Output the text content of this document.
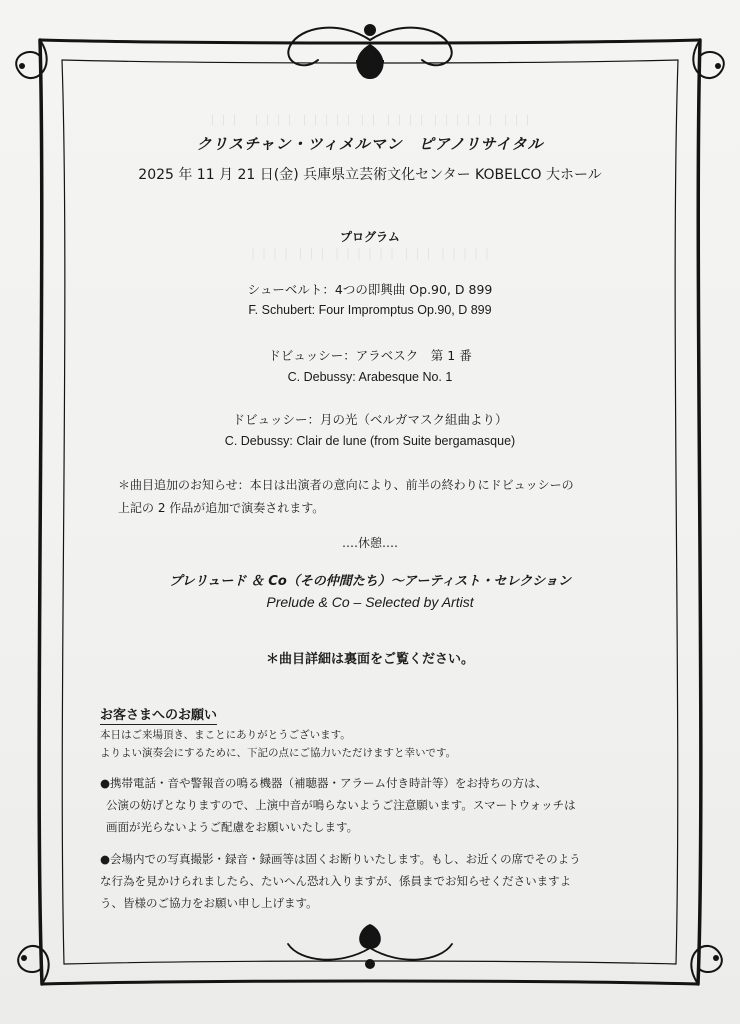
｜｜｜　｜｜｜｜ ｜｜｜｜｜ ｜｜ ｜｜｜｜ ｜｜｜｜｜｜ ｜｜｜
｜｜｜｜ ｜｜｜ ｜｜｜｜｜｜ ｜｜｜ ｜｜｜｜｜
クリスチャン・ツィメルマン　ピアノリサイタル
2025 年 11 月 21 日(金) 兵庫県立芸術文化センター KOBELCO 大ホール
プログラム
シューベルト：4つの即興曲 Op.90, D 899
F. Schubert: Four Impromptus Op.90, D 899
ドビュッシー：アラベスク　第 1 番
C. Debussy: Arabesque No. 1
ドビュッシー：月の光（ベルガマスク組曲より）
C. Debussy: Clair de lune (from Suite bergamasque)
＊曲目追加のお知らせ：本日は出演者の意向により、前半の終わりにドビュッシーの
上記の 2 作品が追加で演奏されます。
‥‥休憩‥‥
プレリュード ＆ Co（その仲間たち）～アーティスト・セレクション
Prelude & Co – Selected by Artist
＊曲目詳細は裏面をご覧ください。
お客さまへのお願い
本日はご来場頂き、まことにありがとうございます。
よりよい演奏会にするために、下記の点にご協力いただけますと幸いです。
●携帯電話・音や警報音の鳴る機器（補聴器・アラーム付き時計等）をお持ちの方は、
公演の妨げとなりますので、上演中音が鳴らないようご注意願います。スマートウォッチは
画面が光らないようご配慮をお願いいたします。
●会場内での写真撮影・録音・録画等は固くお断りいたします。もし、お近くの席でそのよう
な行為を見かけられましたら、たいへん恐れ入りますが、係員までお知らせくださいますよ
う、皆様のご協力をお願い申し上げます。
